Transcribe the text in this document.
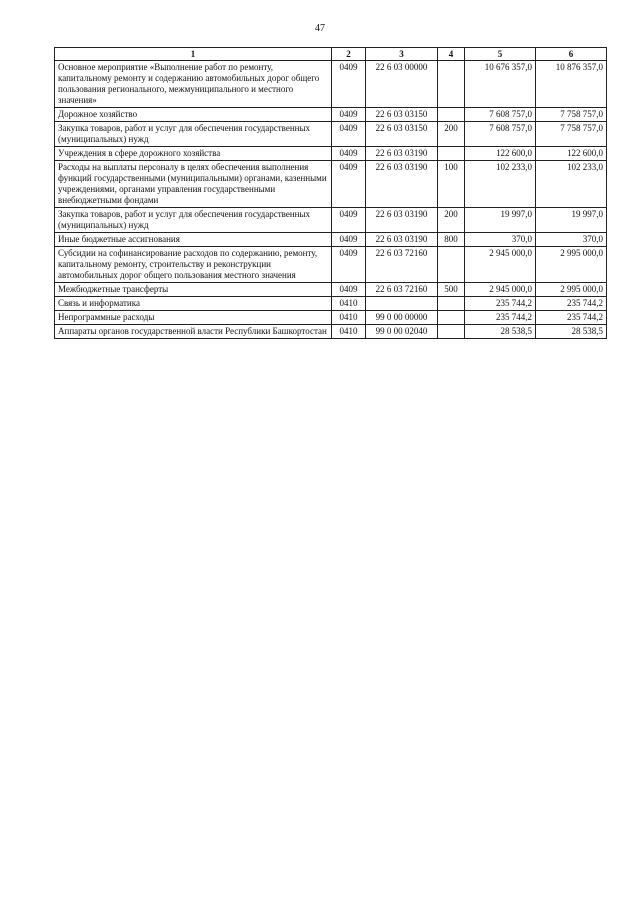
47
1	2	3	4	5	6
Основное мероприятие «Выполнение работ по ремонту, капитальному ремонту и содержанию автомобильных дорог общего пользования регионального, межмуниципального и местного значения»	0409	22 6 03 00000		10 676 357,0	10 876 357,0
Дорожное хозяйство	0409	22 6 03 03150		7 608 757,0	7 758 757,0
Закупка товаров, работ и услуг для обеспечения государственных (муниципальных) нужд	0409	22 6 03 03150	200	7 608 757,0	7 758 757,0
Учреждения в сфере дорожного хозяйства	0409	22 6 03 03190		122 600,0	122 600,0
Расходы на выплаты персоналу в целях обеспечения выполнения функций государственными (муниципальными) органами, казенными учреждениями, органами управления государственными внебюджетными фондами	0409	22 6 03 03190	100	102 233,0	102 233,0
Закупка товаров, работ и услуг для обеспечения государственных (муниципальных) нужд	0409	22 6 03 03190	200	19 997,0	19 997,0
Иные бюджетные ассигнования	0409	22 6 03 03190	800	370,0	370,0
Субсидии на софинансирование расходов по содержанию, ремонту, капитальному ремонту, строительству и реконструкции автомобильных дорог общего пользования местного значения	0409	22 6 03 72160		2 945 000,0	2 995 000,0
Межбюджетные трансферты	0409	22 6 03 72160	500	2 945 000,0	2 995 000,0
Связь и информатика	0410			235 744,2	235 744,2
Непрограммные расходы	0410	99 0 00 00000		235 744,2	235 744,2
Аппараты органов государственной власти Республики Башкортостан	0410	99 0 00 02040		28 538,5	28 538,5
